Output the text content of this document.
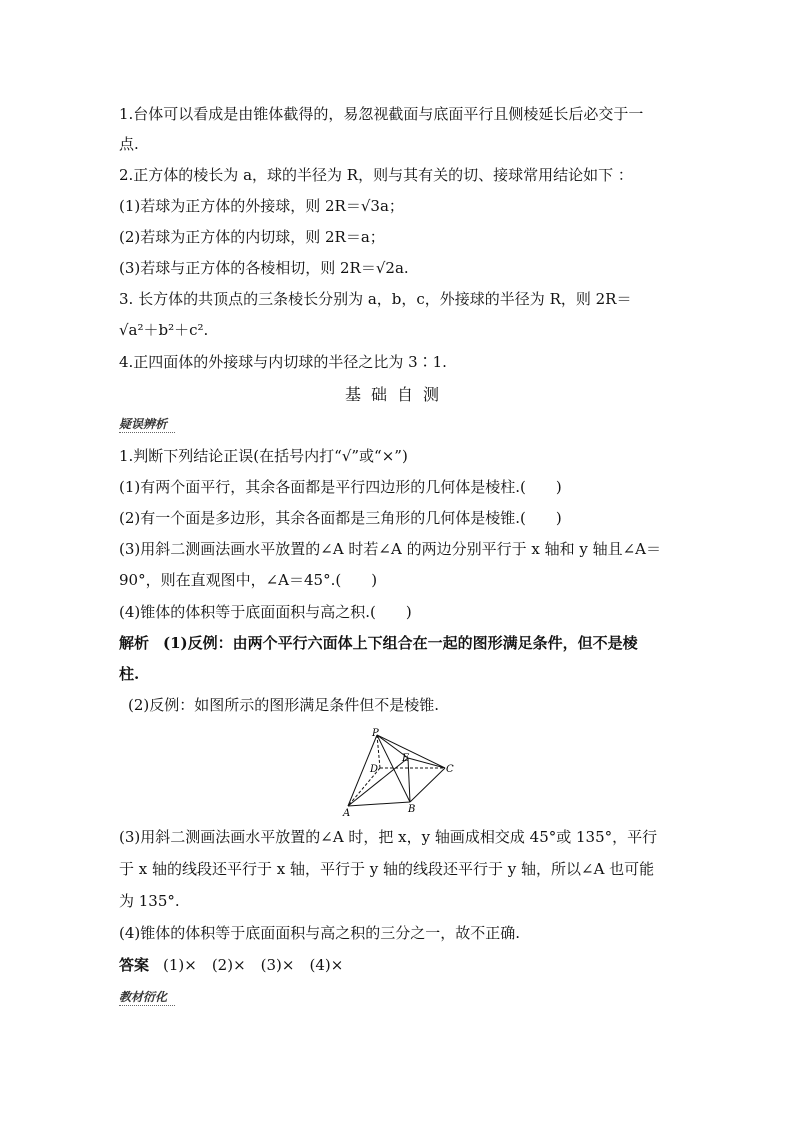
1.台体可以看成是由锥体截得的，易忽视截面与底面平行且侧棱延长后必交于一
点.
2.正方体的棱长为 a，球的半径为 R，则与其有关的切、接球常用结论如下 ：
(1)若球为正方体的外接球，则 2R＝√3a；
(2)若球为正方体的内切球，则 2R＝a；
(3)若球与正方体的各棱相切，则 2R＝√2a.
3. 长方体的共顶点的三条棱长分别为 a，b，c，外接球的半径为 R，则 2R＝
√a²＋b²＋c².
4.正四面体的外接球与内切球的半径之比为 3∶1.
基础自测
疑误辨析
1.判断下列结论正误(在括号内打“√”或“×”)
(1)有两个面平行，其余各面都是平行四边形的几何体是棱柱.(　　)
(2)有一个面是多边形，其余各面都是三角形的几何体是棱锥.(　　)
(3)用斜二测画法画水平放置的∠A 时若∠A 的两边分别平行于 x 轴和 y 轴且∠A＝
90°，则在直观图中，∠A＝45°.(　　)
(4)锥体的体积等于底面面积与高之积.(　　)
解析 (1)反例：由两个平行六面体上下组合在一起的图形满足条件，但不是棱
柱.
(2)反例：如图所示的图形满足条件但不是棱锥.
P
D
E
C
A	B
(3)用斜二测画法画水平放置的∠A 时，把 x，y 轴画成相交成 45°或 135°，平行
于 x 轴的线段还平行于 x 轴，平行于 y 轴的线段还平行于 y 轴，所以∠A 也可能
为 135°.
(4)锥体的体积等于底面面积与高之积的三分之一，故不正确.
答案 (1)×　(2)×　(3)×　(4)×
教材衍化
